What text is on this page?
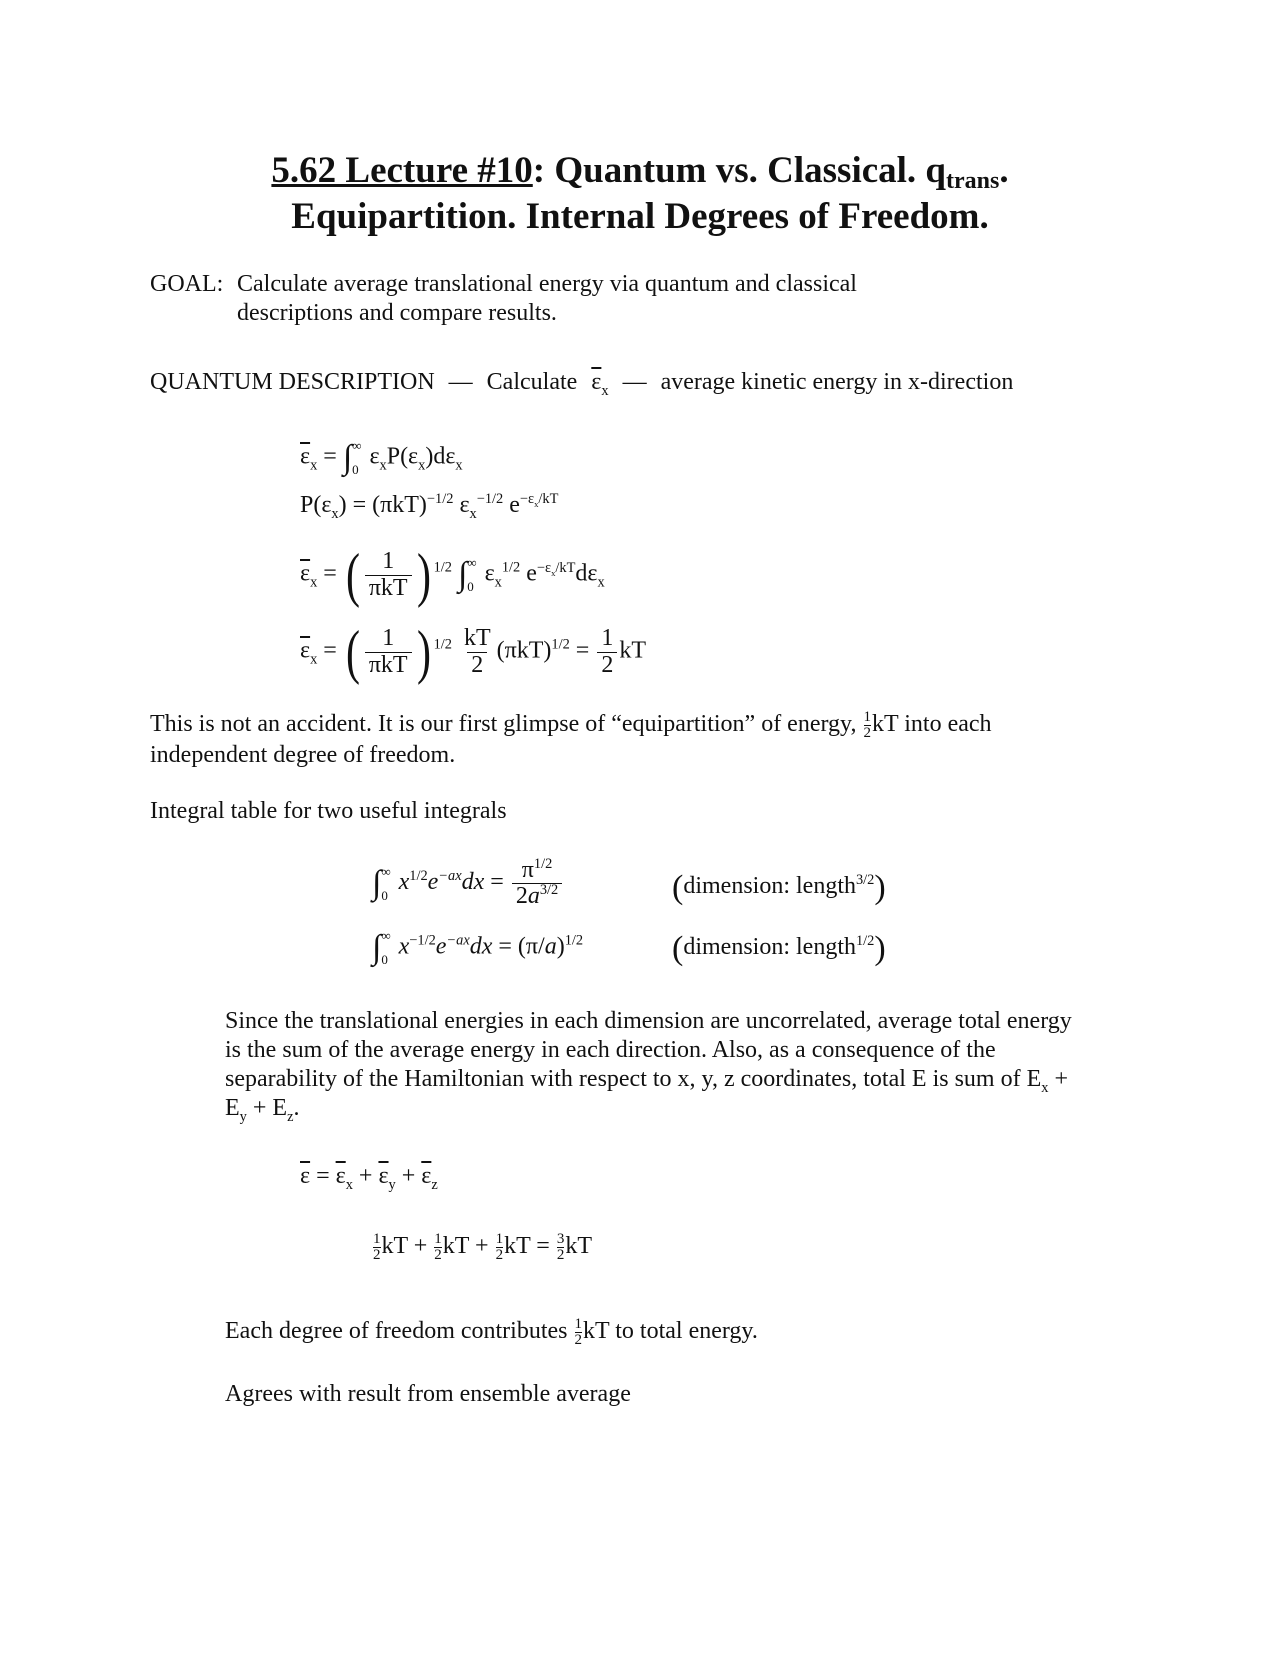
5.62 Lecture #10: Quantum vs. Classical. qtrans.
Equipartition. Internal Degrees of Freedom.
GOAL: Calculate average translational energy via quantum and classical
descriptions and compare results.
QUANTUM DESCRIPTION — Calculate $\overline{\varepsilon}_x$ — average kinetic energy in x-direction
$\overline{\varepsilon}_x$ = ∫ ∞
0 $\varepsilon_xP(\varepsilon_x)d\varepsilon_x$
$P(\varepsilon_x) = (\pi kT)^{-1/2}$ $\varepsilon_x^{-1/2}$ $e^{-\varepsilon_x/kT}$
$\overline{\varepsilon}_x$ = ( $\frac{1}{\text{πkT}}$ ) $^{1/2}$ ∫ ∞
0 $\varepsilon_x^{1/2}$ $e^{-\varepsilon_x/kT}d\varepsilon_x$
$\overline{\varepsilon}_x$ = ( $\frac{1}{\text{πkT}}$ ) $^{1/2} \frac{kT}{2} (\pi kT)^{1/2} = \frac{1}{2}$ kT
This is not an accident. It is our first glimpse of “equipartition” of energy, $\frac{1}{2}$ kT into each
independent degree of freedom.
Integral table for two useful integrals
∫ ∞
0 $x^{1/2}e^{-ax}dx = \frac{\pi^{1/2}}{2a^{3/2}}$	(dimension: length$^{3/2}$)
∫ ∞
0 $x^{-1/2}e^{-ax}dx = (\pi/a)^{1/2}$	(dimension: length$^{1/2}$)
Since the translational energies in each dimension are uncorrelated, average total energy
is the sum of the average energy in each direction. Also, as a consequence of the
separability of the Hamiltonian with respect to x, y, z coordinates, total E is sum of $E_x$ +
$E_y + E_z$.
$\overline{\varepsilon} = \overline{\varepsilon}_x + \overline{\varepsilon}_y + \overline{\varepsilon}_z$
$\frac{1}{2}$ kT + $\frac{1}{2}$ kT + $\frac{1}{2}$ kT = $\frac{3}{2}$ kT
Each degree of freedom contributes $\frac{1}{2}$ kT to total energy.
Agrees with result from ensemble average
